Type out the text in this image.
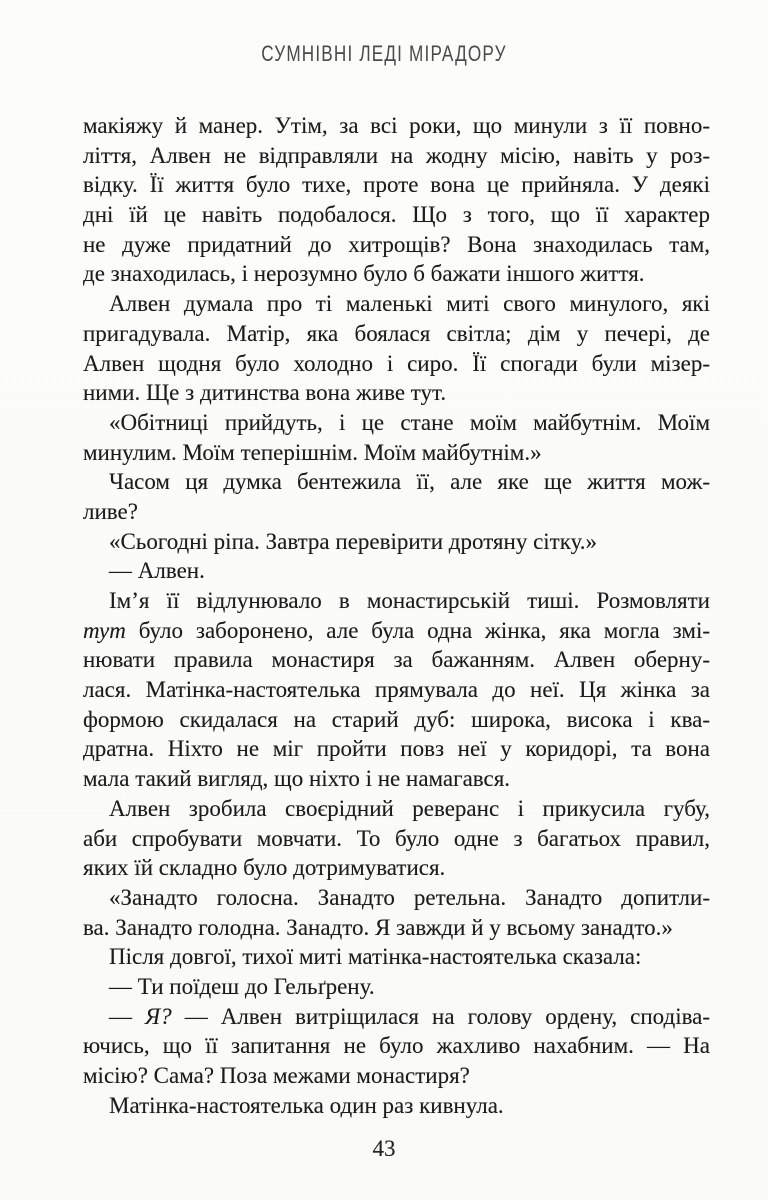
СУМНІВНІ ЛЕДІ МІРАДОРУ
макіяжу й манер. Утім, за всі роки, що минули з її повно-
ліття, Алвен не відправляли на жодну місію, навіть у роз-
відку. Її життя було тихе, проте вона це прийняла. У деякі
дні їй це навіть подобалося. Що з того, що її характер
не дуже придатний до хитрощів? Вона знаходилась там,
де знаходилась, і нерозумно було б бажати іншого життя.
Алвен думала про ті маленькі миті свого минулого, які
пригадувала. Матір, яка боялася світла; дім у печері, де
Алвен щодня було холодно і сиро. Її спогади були мізер-
ними. Ще з дитинства вона живе тут.
«Обітниці прийдуть, і це стане моїм майбутнім. Моїм
минулим. Моїм теперішнім. Моїм майбутнім.»
Часом ця думка бентежила її, але яке ще життя мож-
ливе?
«Сьогодні ріпа. Завтра перевірити дротяну сітку.»
— Алвен.
Ім’я її відлунювало в монастирській тиші. Розмовляти
тут було заборонено, але була одна жінка, яка могла змі-
нювати правила монастиря за бажанням. Алвен оберну-
лася. Матінка-настоятелька прямувала до неї. Ця жінка за
формою скидалася на старий дуб: широка, висока і ква-
дратна. Ніхто не міг пройти повз неї у коридорі, та вона
мала такий вигляд, що ніхто і не намагався.
Алвен зробила своєрідний реверанс і прикусила губу,
аби спробувати мовчати. То було одне з багатьох правил,
яких їй складно було дотримуватися.
«Занадто голосна. Занадто ретельна. Занадто допитли-
ва. Занадто голодна. Занадто. Я завжди й у всьому занадто.»
Після довгої, тихої миті матінка-настоятелька сказала:
— Ти поїдеш до Гельґрену.
— Я? — Алвен витріщилася на голову ордену, сподіва-
ючись, що її запитання не було жахливо нахабним. — На
місію? Сама? Поза межами монастиря?
Матінка-настоятелька один раз кивнула.
43
